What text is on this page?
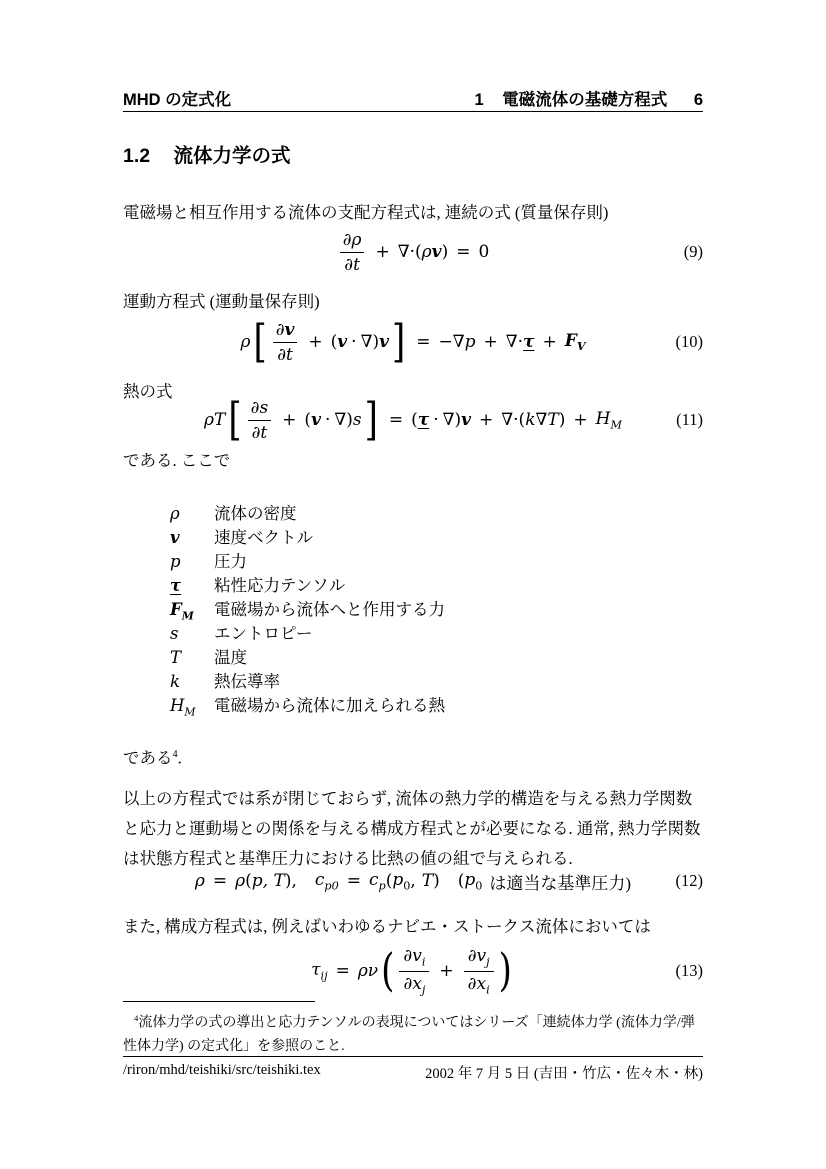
MHD の定式化	1 電磁流体の基礎方程式 6
1.2 流体力学の式
電磁場と相互作用する流体の支配方程式は, 連続の式 (質量保存則)
$\frac{\partial\rho}{\partial t}$ + ∇·( ρ v ) = 0	(9)
運動方程式 (運動量保存則)
ρ [ $\frac{\partial v}{\partial t}$ + ( v · ∇ ) v ] = −∇ p + ∇· $\tau + F_V$	(10)
熱の式
ρT [ $\frac{\partial s}{\partial t}$ + ( v · ∇ ) s ] = ( τ · ∇ ) v + ∇·( k ∇ T ) + $H_M$	(11)
である. ここで
ρ	流体の密度
v	速度ベクトル
p	圧力
τ	粘性応力テンソル
$F_M$	電磁場から流体へと作用する力
s	エントロピー
T	温度
k	熱伝導率
$H_M$	電磁場から流体に加えられる熱
である$^4$.
以上の方程式では系が閉じておらず, 流体の熱力学的構造を与える熱力学関数と応力と運動場との関係を与える構成方程式とが必要になる. 通常, 熱力学関数は状態方程式と基準圧力における比熱の値の組で与えられる.
ρ = ρ ( p, T ), $c_{p0} = c_p$ ( $p_0$ , T ) ( $p_0$ は適当な基準圧力)	(12)
また, 構成方程式は, 例えばいわゆるナビエ・ストークス流体においては
$\tau_{ij} = \rho\nu$ ( $\frac{\partial v_i}{\partial x_j} + \frac{\partial v_j}{\partial x_i}$ )	(13)
$^4$流体力学の式の導出と応力テンソルの表現についてはシリーズ「連続体力学 (流体力学/弾性体力学) の定式化」を参照のこと.
/riron/mhd/teishiki/src/teishiki.tex	2002 年 7 月 5 日 (吉田・竹広・佐々木・林)
